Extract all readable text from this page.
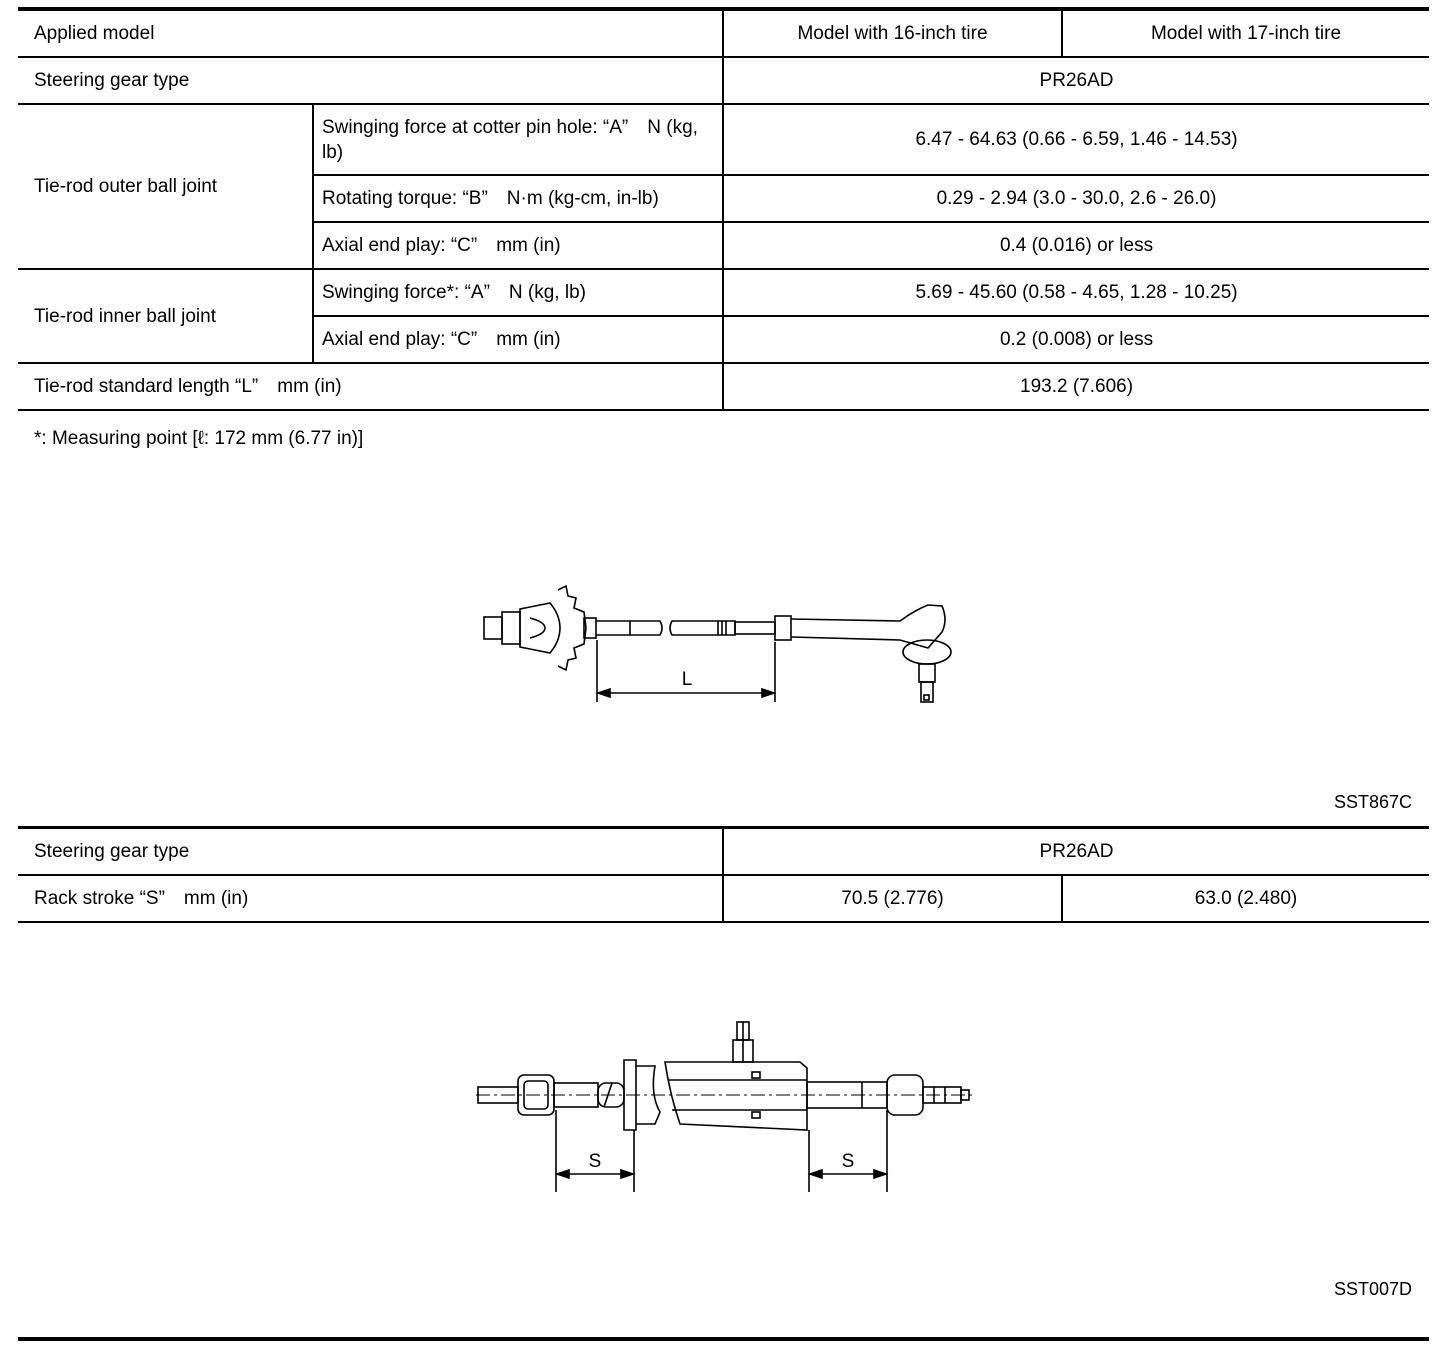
Applied model		Model with 16-inch tire	Model with 17-inch tire
Steering gear type		PR26AD	
Tie-rod outer ball joint	Swinging force at cotter pin hole: “A” N (kg, lb)	6.47 - 64.63 (0.66 - 6.59, 1.46 - 14.53)	
	Rotating torque: “B” N·m (kg-cm, in-lb)	0.29 - 2.94 (3.0 - 30.0, 2.6 - 26.0)	
	Axial end play: “C” mm (in)	0.4 (0.016) or less	
Tie-rod inner ball joint	Swinging force*: “A” N (kg, lb)	5.69 - 45.60 (0.58 - 4.65, 1.28 - 10.25)	
	Axial end play: “C” mm (in)	0.2 (0.008) or less	
Tie-rod standard length “L” mm (in)		193.2 (7.606)	
*: Measuring point [ℓ: 172 mm (6.77 in)]
L
SST867C
Steering gear type	PR26AD	
Rack stroke “S” mm (in)	70.5 (2.776)	63.0 (2.480)
S	S
SST007D
